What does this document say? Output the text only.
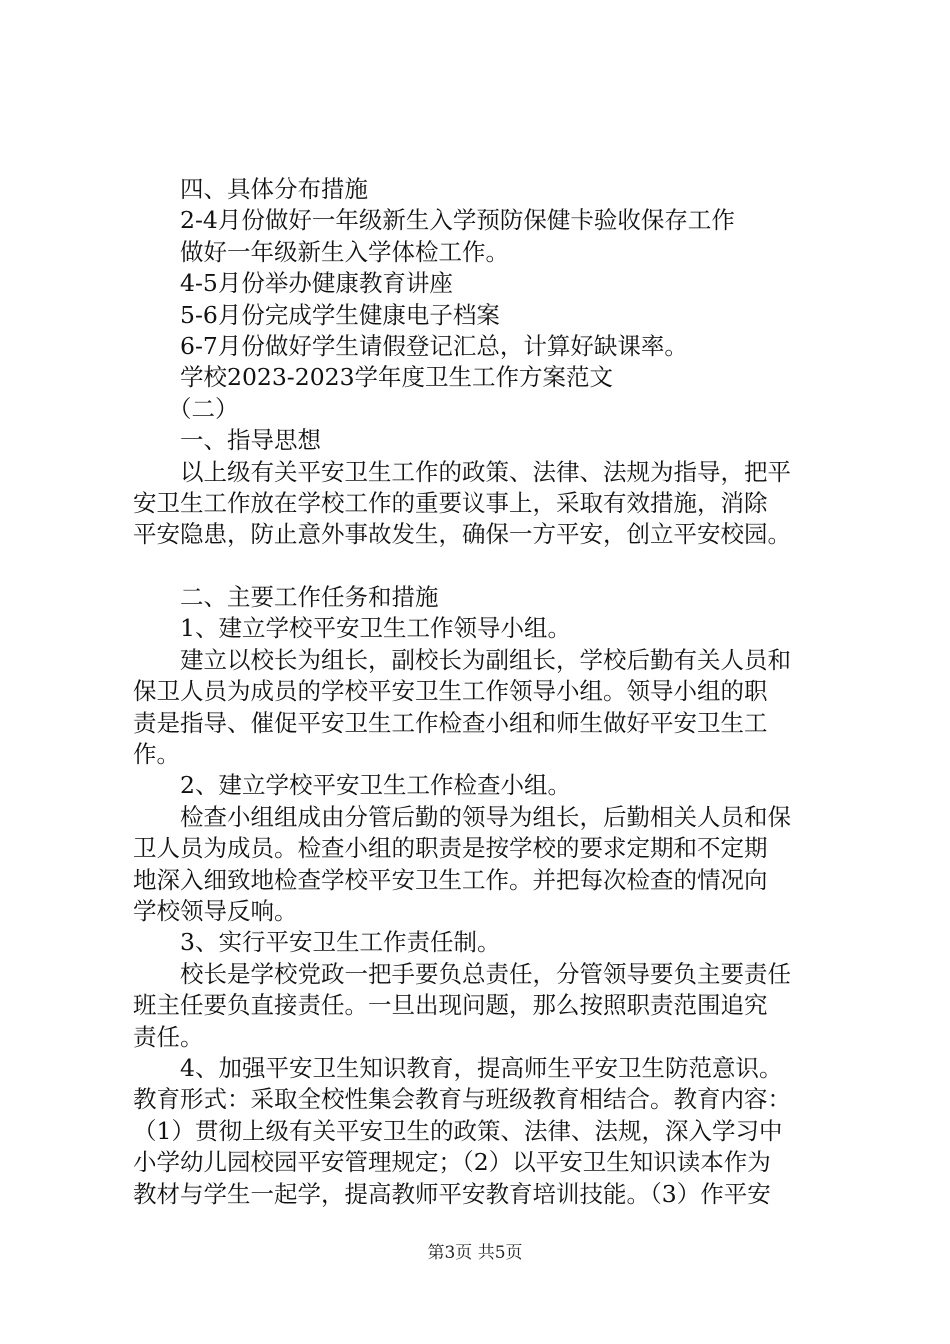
四、具体分布措施
2-4月份做好一年级新生入学预防保健卡验收保存工作
做好一年级新生入学体检工作。
4-5月份举办健康教育讲座
5-6月份完成学生健康电子档案
6-7月份做好学生请假登记汇总，计算好缺课率。
学校2023-2023学年度卫生工作方案范文
（二）
一、指导思想
以上级有关平安卫生工作的政策、法律、法规为指导，把平
安卫生工作放在学校工作的重要议事上，采取有效措施，消除
平安隐患，防止意外事故发生，确保一方平安，创立平安校园。
二、主要工作任务和措施
1、建立学校平安卫生工作领导小组。
建立以校长为组长，副校长为副组长，学校后勤有关人员和
保卫人员为成员的学校平安卫生工作领导小组。领导小组的职
责是指导、催促平安卫生工作检查小组和师生做好平安卫生工
作。
2、建立学校平安卫生工作检查小组。
检查小组组成由分管后勤的领导为组长，后勤相关人员和保
卫人员为成员。检查小组的职责是按学校的要求定期和不定期
地深入细致地检查学校平安卫生工作。并把每次检查的情况向
学校领导反响。
3、实行平安卫生工作责任制。
校长是学校党政一把手要负总责任，分管领导要负主要责任
班主任要负直接责任。一旦出现问题，那么按照职责范围追究
责任。
4、加强平安卫生知识教育，提高师生平安卫生防范意识。
教育形式：采取全校性集会教育与班级教育相结合。教育内容：
（1）贯彻上级有关平安卫生的政策、法律、法规，深入学习中
小学幼儿园校园平安管理规定；（2）以平安卫生知识读本作为
教材与学生一起学，提高教师平安教育培训技能。（3）作平安
第3页 共5页
